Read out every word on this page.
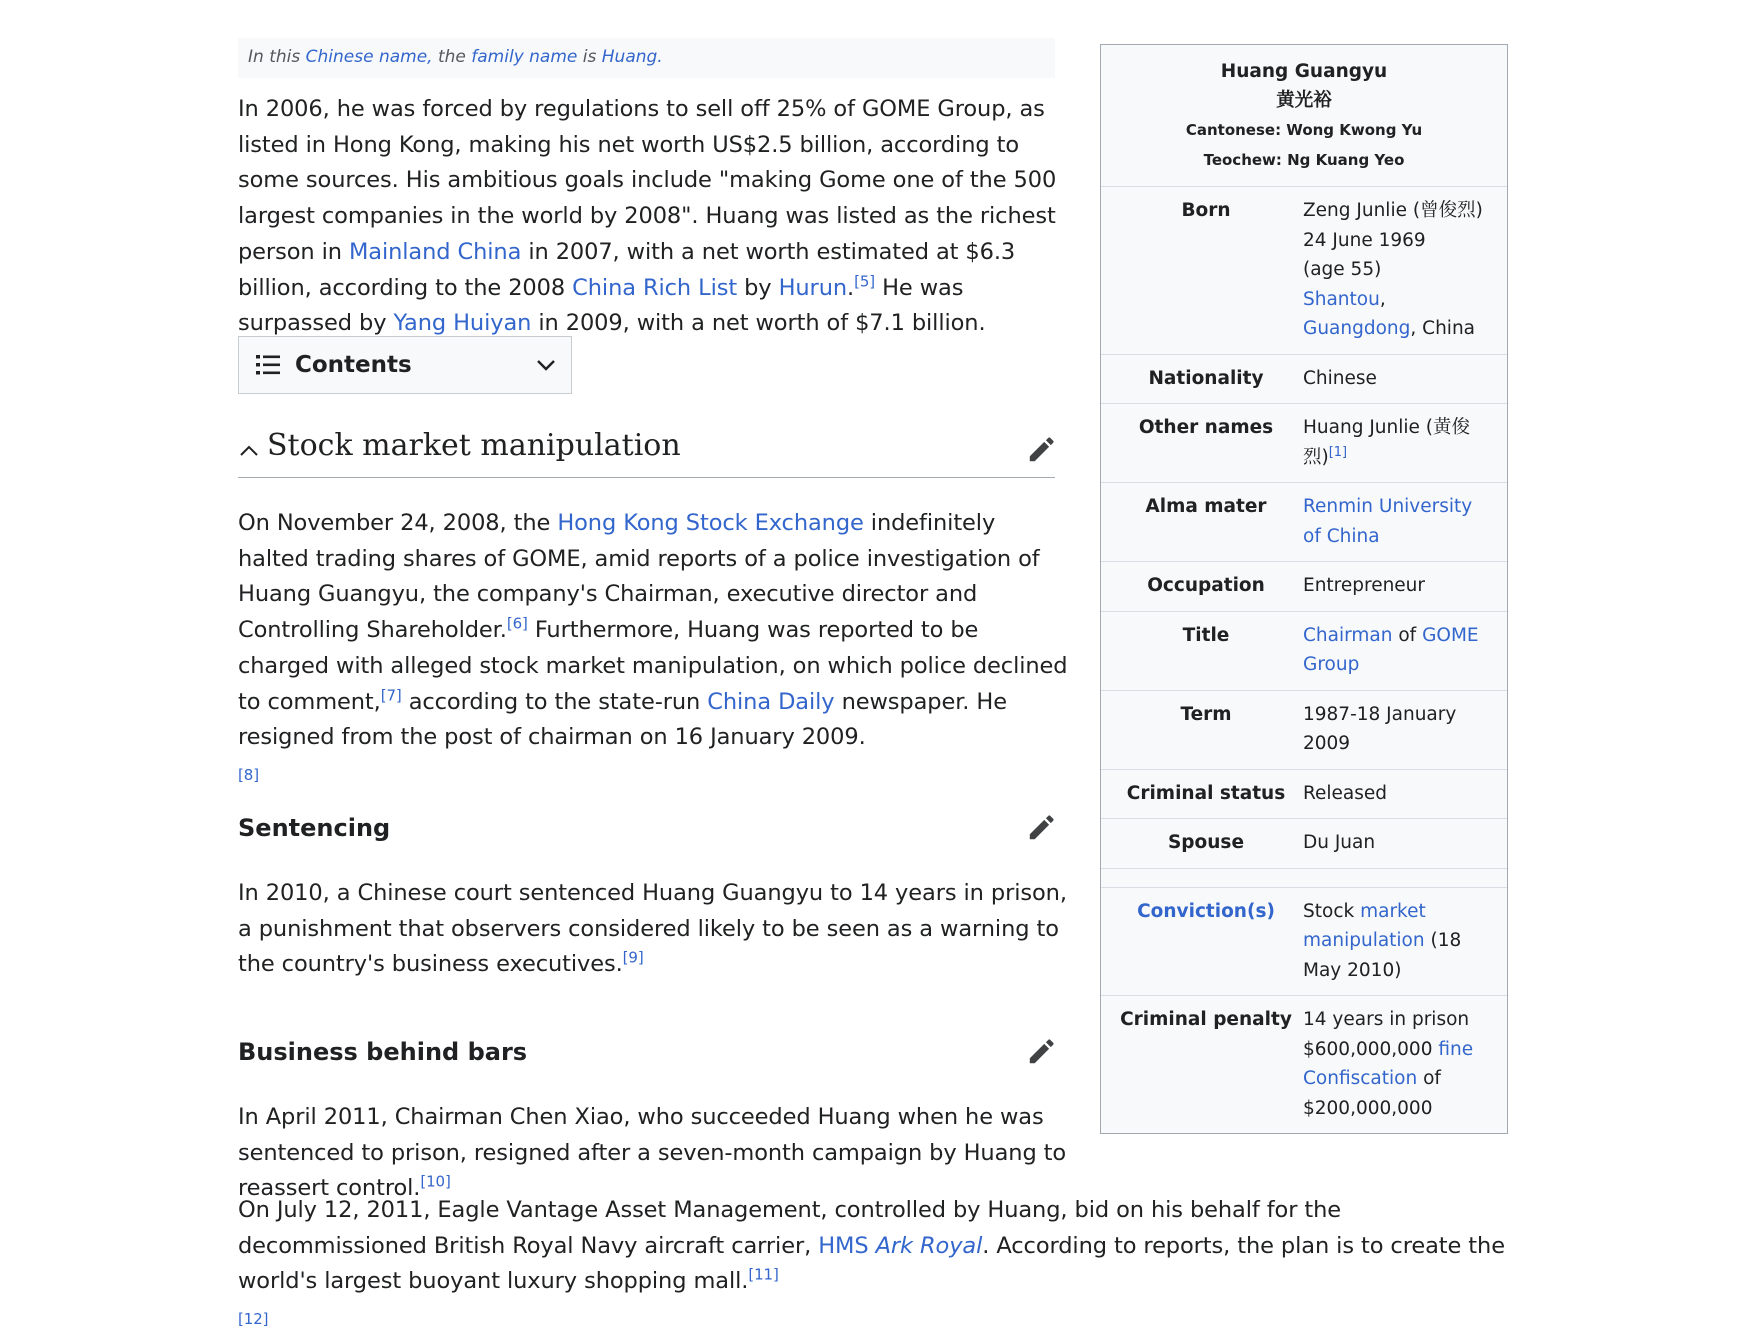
In this Chinese name, the family name is Huang.

In 2006, he was forced by regulations to sell off 25% of GOME Group, as listed in Hong Kong, making his net worth US$2.5 billion, according to some sources. His ambitious goals include "making Gome one of the 500 largest companies in the world by 2008". Huang was listed as the richest person in Mainland China in 2007, with a net worth estimated at $6.3 billion, according to the 2008 China Rich List by Hurun.[5] He was surpassed by Yang Huiyan in 2009, with a net worth of $7.1 billion.

Contents
Stock market manipulation

On November 24, 2008, the Hong Kong Stock Exchange indefinitely halted trading shares of GOME, amid reports of a police investigation of Huang Guangyu, the company's Chairman, executive director and Controlling Shareholder.[6] Furthermore, Huang was reported to be charged with alleged stock market manipulation, on which police declined to comment,[7] according to the state-run China Daily newspaper. He resigned from the post of chairman on 16 January 2009.
[8]

Sentencing

In 2010, a Chinese court sentenced Huang Guangyu to 14 years in prison, a punishment that observers considered likely to be seen as a warning to the country's business executives.[9]

Business behind bars

In April 2011, Chairman Chen Xiao, who succeeded Huang when he was sentenced to prison, resigned after a seven-month campaign by Huang to reassert control.[10]

On July 12, 2011, Eagle Vantage Asset Management, controlled by Huang, bid on his behalf for the decommissioned British Royal Navy aircraft carrier, HMS Ark Royal. According to reports, the plan is to create the world's largest buoyant luxury shopping mall.[11]
[12]

Huang Guangyu
黄光裕
Cantonese: Wong Kwong Yu
Teochew: Ng Kuang Yeo
Born	Zeng Junlie (曾俊烈)
24 June 1969
(age 55)
Shantou,
Guangdong, China
Nationality	Chinese
Other names	Huang Junlie (黄俊烈)[1]
Alma mater	Renmin University of China
Occupation	Entrepreneur
Title	Chairman of GOME Group
Term	1987-18 January 2009
Criminal status Released
Spouse	Du Juan
Conviction(s)	Stock market manipulation (18 May 2010)
Criminal penalty 14 years in prison
$600,000,000 fine
Confiscation of
$200,000,000
